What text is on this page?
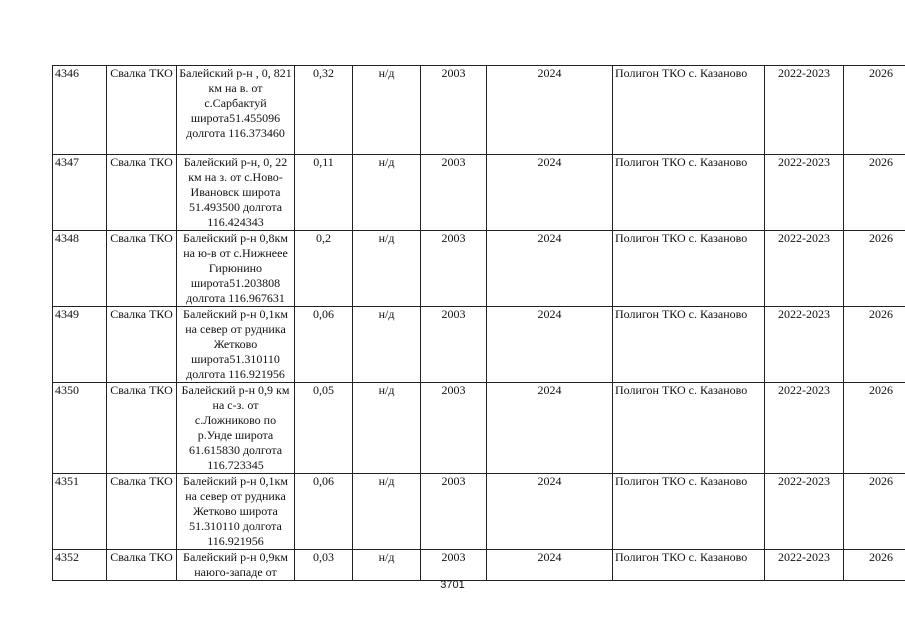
4346	Свалка ТКО	Балейский р-н , 0, 821 км на в. от с.Сарбактуй широта51.455096 долгота 116.373460	0,32	н/д	2003	2024	Полигон ТКО с. Казаново	2022-2023	2026
4347	Свалка ТКО	Балейский р-н, 0, 22 км на з. от с.Ново-Ивановск широта 51.493500 долгота 116.424343	0,11	н/д	2003	2024	Полигон ТКО с. Казаново	2022-2023	2026
4348	Свалка ТКО	Балейский р-н 0,8км на ю-в от с.Нижнеее Гирюнино широта51.203808 долгота 116.967631	0,2	н/д	2003	2024	Полигон ТКО с. Казаново	2022-2023	2026
4349	Свалка ТКО	Балейский р-н 0,1км на север от рудника Жетково широта51.310110 долгота 116.921956	0,06	н/д	2003	2024	Полигон ТКО с. Казаново	2022-2023	2026
4350	Свалка ТКО	Балейский р-н 0,9 км на с-з. от с.Ложниково по р.Унде широта 61.615830 долгота 116.723345	0,05	н/д	2003	2024	Полигон ТКО с. Казаново	2022-2023	2026
4351	Свалка ТКО	Балейский р-н 0,1км на север от рудника Жетково широта 51.310110 долгота 116.921956	0,06	н/д	2003	2024	Полигон ТКО с. Казаново	2022-2023	2026
4352	Свалка ТКО	Балейский р-н 0,9км наюго-западе от	0,03	н/д	2003	2024	Полигон ТКО с. Казаново	2022-2023	2026
3701
